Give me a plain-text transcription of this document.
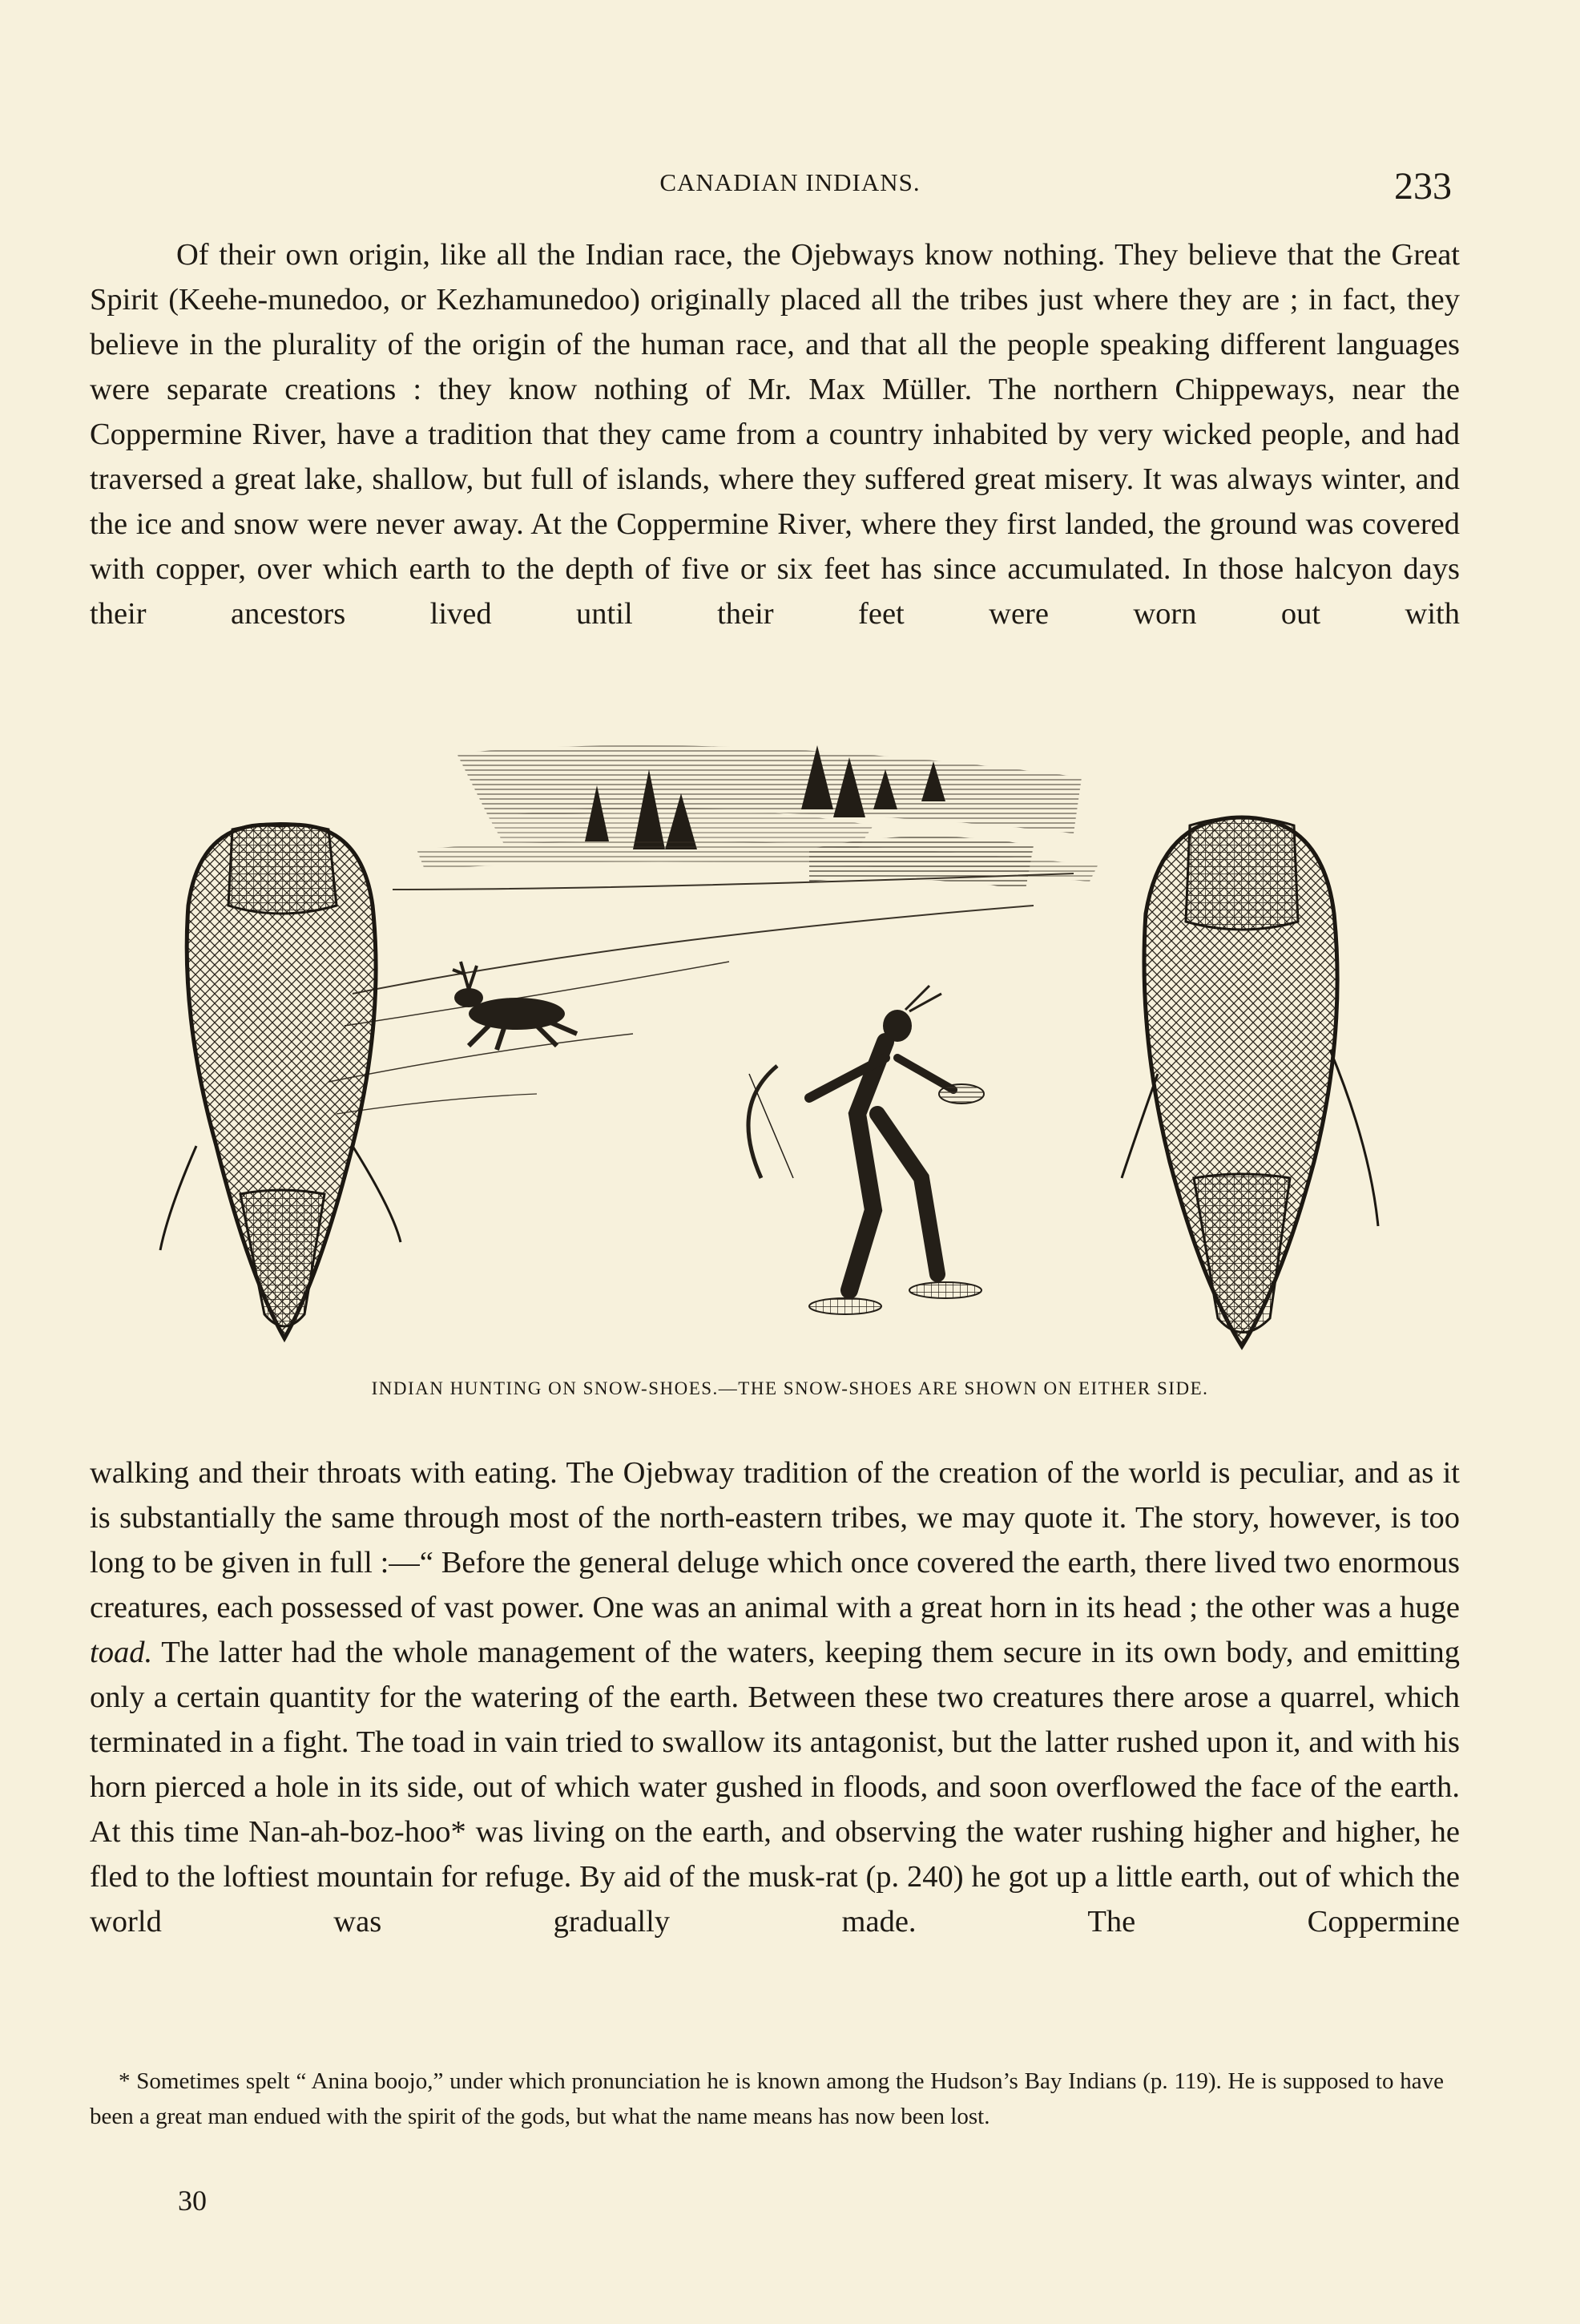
CANADIAN INDIANS.	233

Of their own origin, like all the Indian race, the Ojebways know nothing. They believe that the Great Spirit (Keehe-munedoo, or Kezhamunedoo) originally placed all the tribes just where they are ; in fact, they believe in the plurality of the origin of the human race, and that all the people speaking different languages were separate creations : they know nothing of Mr. Max Müller. The northern Chippeways, near the Coppermine River, have a tradition that they came from a country inhabited by very wicked people, and had traversed a great lake, shallow, but full of islands, where they suffered great misery. It was always winter, and the ice and snow were never away. At the Coppermine River, where they first landed, the ground was covered with copper, over which earth to the depth of five or six feet has since accumulated. In those halcyon days their ancestors lived until their feet were worn out with

INDIAN HUNTING ON SNOW-SHOES.—THE SNOW-SHOES ARE SHOWN ON EITHER SIDE.

walking and their throats with eating. The Ojebway tradition of the creation of the world is peculiar, and as it is substantially the same through most of the north-eastern tribes, we may quote it. The story, however, is too long to be given in full :—“ Before the general deluge which once covered the earth, there lived two enormous creatures, each possessed of vast power. One was an animal with a great horn in its head ; the other was a huge toad. The latter had the whole management of the waters, keeping them secure in its own body, and emitting only a certain quantity for the watering of the earth. Between these two creatures there arose a quarrel, which terminated in a fight. The toad in vain tried to swallow its antagonist, but the latter rushed upon it, and with his horn pierced a hole in its side, out of which water gushed in floods, and soon overflowed the face of the earth. At this time Nan-ah-boz-hoo* was living on the earth, and observing the water rushing higher and higher, he fled to the loftiest mountain for refuge. By aid of the musk-rat (p. 240) he got up a little earth, out of which the world was gradually made. The Coppermine

* Sometimes spelt “ Anina boojo,” under which pronunciation he is known among the Hudson’s Bay Indians (p. 119). He is supposed to have been a great man endued with the spirit of the gods, but what the name means has now been lost.

30
